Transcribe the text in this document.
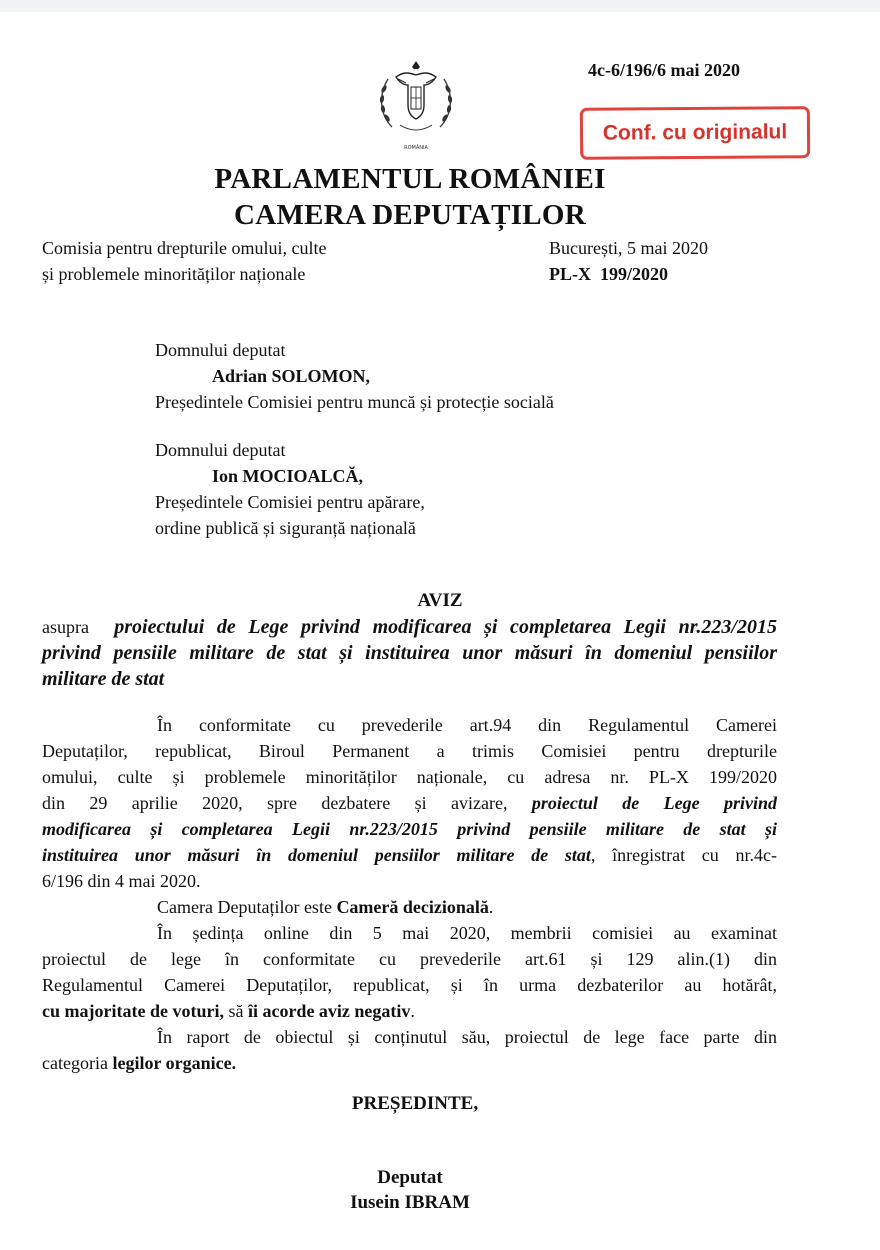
4c-6/196/6 mai 2020
Conf. cu originalul
ROMÂNIA
PARLAMENTUL ROMÂNIEI
CAMERA DEPUTAȚILOR
Comisia pentru drepturile omului, culte
și problemele minorităților naționale
București, 5 mai 2020
PL-X  199/2020
Domnului deputat
Adrian SOLOMON,
Președintele Comisiei pentru muncă și protecție socială
Domnului deputat
Ion MOCIOALCĂ,
Președintele Comisiei pentru apărare,
ordine publică și siguranță națională
AVIZ
asupra proiectului de Lege privind modificarea și completarea Legii nr.223/2015
privind pensiile militare de stat și instituirea unor măsuri în domeniul pensiilor
militare de stat
În conformitate cu prevederile art.94 din Regulamentul Camerei
Deputaților, republicat, Biroul Permanent a trimis Comisiei pentru drepturile
omului, culte și problemele minorităților naționale, cu adresa nr. PL-X 199/2020
din 29 aprilie 2020, spre dezbatere și avizare, proiectul de Lege privind
modificarea și completarea Legii nr.223/2015 privind pensiile militare de stat și
instituirea unor măsuri în domeniul pensiilor militare de stat, înregistrat cu nr.4c-
6/196 din 4 mai 2020.
Camera Deputaților este Cameră decizională.
În ședința online din 5 mai 2020, membrii comisiei au examinat
proiectul de lege în conformitate cu prevederile art.61 și 129 alin.(1) din
Regulamentul Camerei Deputaților, republicat, și în urma dezbaterilor au hotărât,
cu majoritate de voturi, să îi acorde aviz negativ.
În raport de obiectul și conținutul său, proiectul de lege face parte din
categoria legilor organice.
PREȘEDINTE,
Deputat
Iusein IBRAM
